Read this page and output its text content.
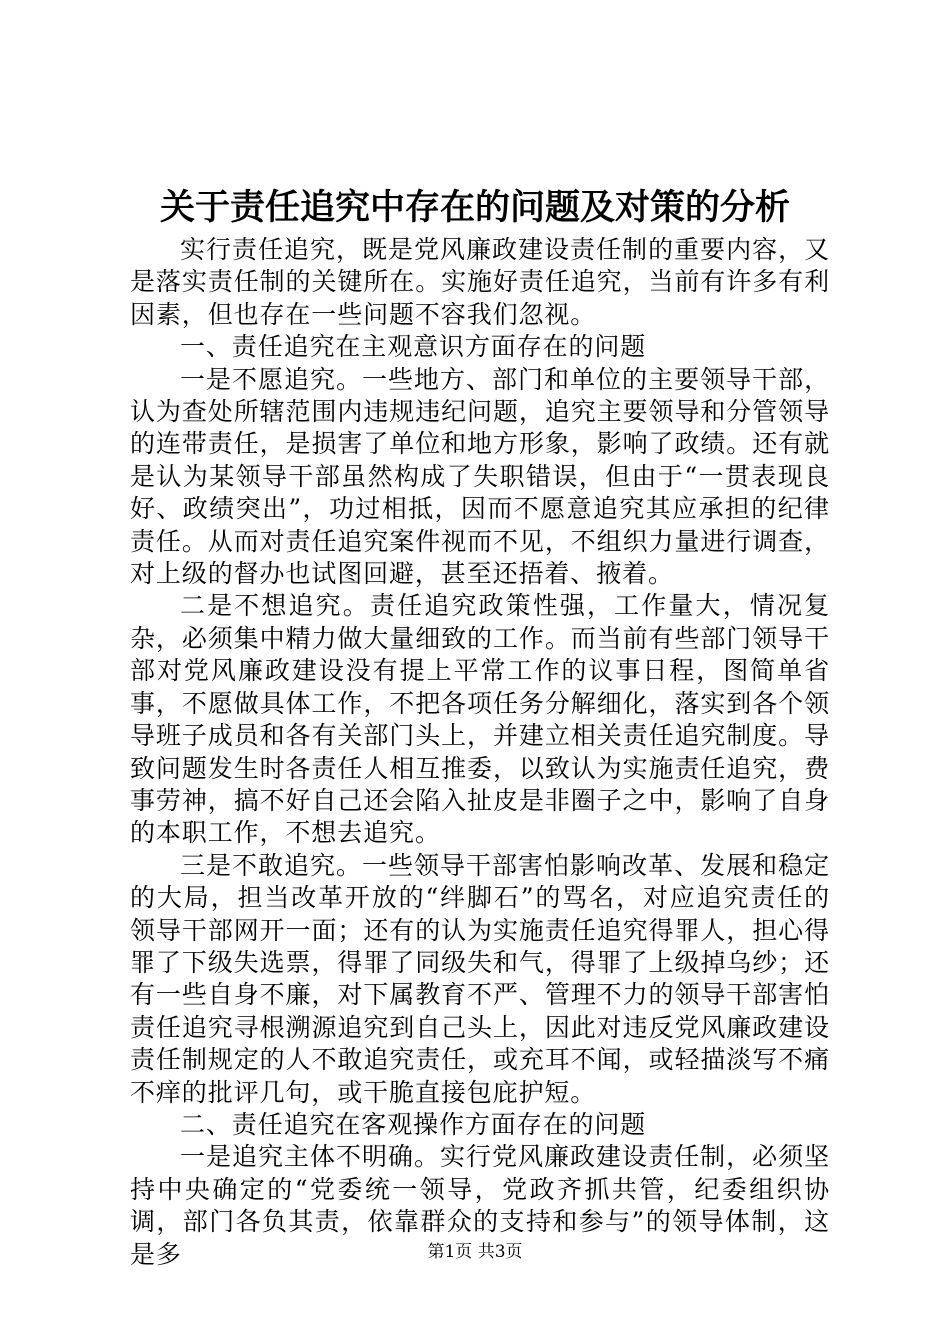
关于责任追究中存在的问题及对策的分析

实行责任追究，既是党风廉政建设责任制的重要内容，又是落实责任制的关键所在。实施好责任追究，当前有许多有利因素，但也存在一些问题不容我们忽视。

一、责任追究在主观意识方面存在的问题

一是不愿追究。一些地方、部门和单位的主要领导干部，认为查处所辖范围内违规违纪问题，追究主要领导和分管领导的连带责任，是损害了单位和地方形象，影响了政绩。还有就是认为某领导干部虽然构成了失职错误，但由于“一贯表现良好、政绩突出”，功过相抵，因而不愿意追究其应承担的纪律责任。从而对责任追究案件视而不见，不组织力量进行调查，对上级的督办也试图回避，甚至还捂着、掖着。

二是不想追究。责任追究政策性强，工作量大，情况复杂，必须集中精力做大量细致的工作。而当前有些部门领导干部对党风廉政建设没有提上平常工作的议事日程，图简单省事，不愿做具体工作，不把各项任务分解细化，落实到各个领导班子成员和各有关部门头上，并建立相关责任追究制度。导致问题发生时各责任人相互推委，以致认为实施责任追究，费事劳神，搞不好自己还会陷入扯皮是非圈子之中，影响了自身的本职工作，不想去追究。

三是不敢追究。一些领导干部害怕影响改革、发展和稳定的大局，担当改革开放的“绊脚石”的骂名，对应追究责任的领导干部网开一面；还有的认为实施责任追究得罪人，担心得罪了下级失选票，得罪了同级失和气，得罪了上级掉乌纱；还有一些自身不廉，对下属教育不严、管理不力的领导干部害怕责任追究寻根溯源追究到自己头上，因此对违反党风廉政建设责任制规定的人不敢追究责任，或充耳不闻，或轻描淡写不痛不痒的批评几句，或干脆直接包庇护短。

二、责任追究在客观操作方面存在的问题

一是追究主体不明确。实行党风廉政建设责任制，必须坚持中央确定的“党委统一领导，党政齐抓共管，纪委组织协调，部门各负其责，依靠群众的支持和参与”的领导体制，这是多	第1页 共3页
